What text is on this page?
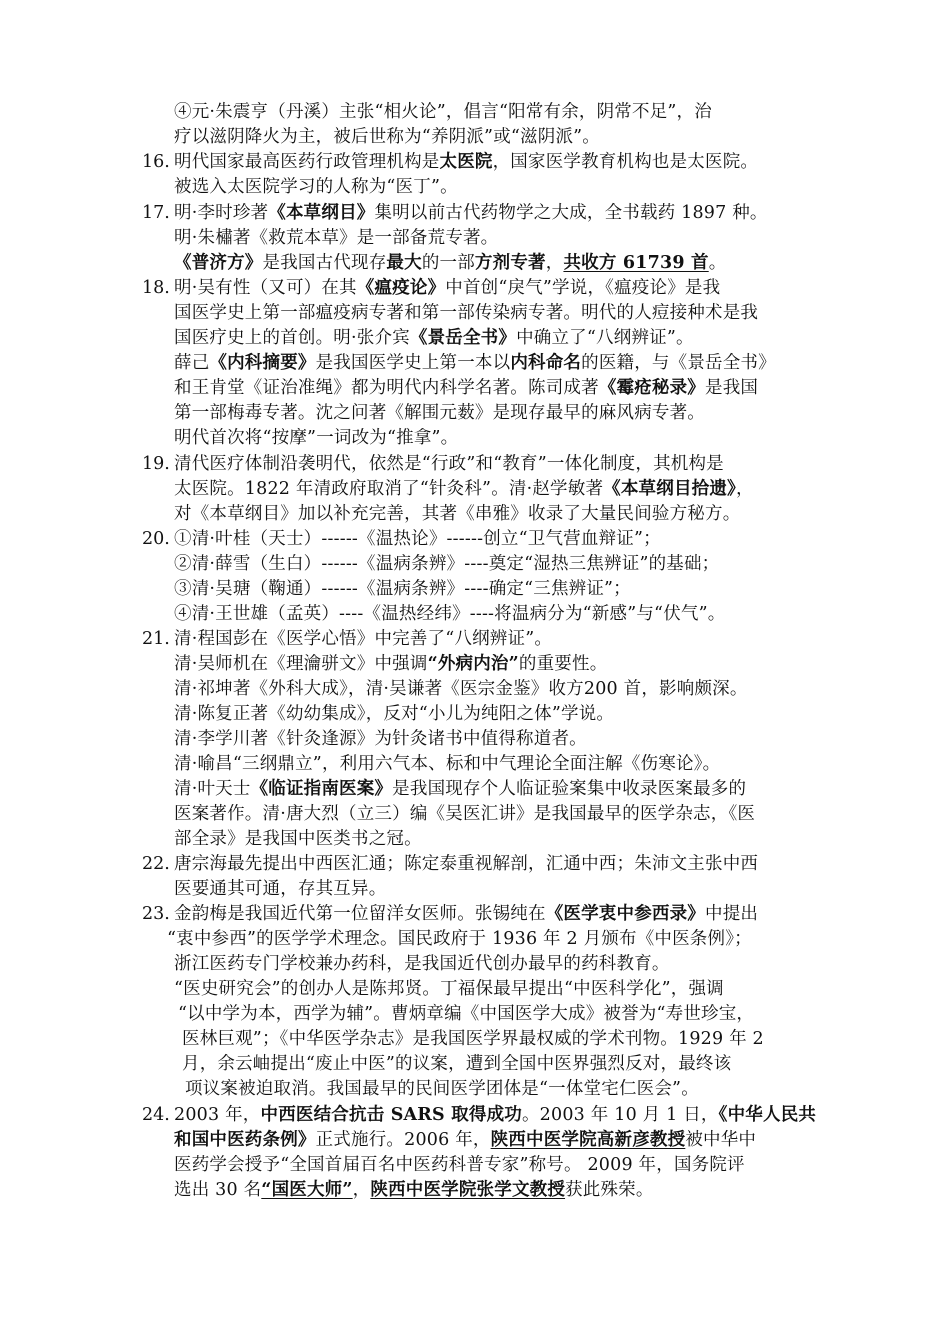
④元·朱震亨（丹溪）主张“相火论”，倡言“阳常有余，阴常不足”，治
疗以滋阴降火为主，被后世称为“养阴派”或“滋阴派”。
16. 明代国家最高医药行政管理机构是太医院，国家医学教育机构也是太医院。
被选入太医院学习的人称为“医丁”。
17. 明·李时珍著《本草纲目》集明以前古代药物学之大成，全书载药 1897 种。
明·朱橚著《救荒本草》是一部备荒专著。
《普济方》是我国古代现存最大的一部方剂专著，共收方 61739 首。
18. 明·吴有性（又可）在其《瘟疫论》中首创“戾气”学说，《瘟疫论》是我
国医学史上第一部瘟疫病专著和第一部传染病专著。明代的人痘接种术是我
国医疗史上的首创。明·张介宾《景岳全书》中确立了“八纲辨证”。
薛己《内科摘要》是我国医学史上第一本以内科命名的医籍，与《景岳全书》
和王肯堂《证治准绳》都为明代内科学名著。陈司成著《霉疮秘录》是我国
第一部梅毒专著。沈之问著《解围元薮》是现存最早的麻风病专著。
明代首次将“按摩”一词改为“推拿”。
19. 清代医疗体制沿袭明代，依然是“行政”和“教育”一体化制度，其机构是
太医院。1822 年清政府取消了“针灸科”。清·赵学敏著《本草纲目拾遗》，
对《本草纲目》加以补充完善，其著《串雅》收录了大量民间验方秘方。
20. ①清·叶桂（天士）------《温热论》------创立“卫气营血辩证”；
②清·薛雪（生白）------《温病条辨》----奠定“湿热三焦辨证”的基础；
③清·吴瑭（鞠通）------《温病条辨》----确定“三焦辨证”；
④清·王世雄（孟英）----《温热经纬》----将温病分为“新感”与“伏气”。
21. 清·程国彭在《医学心悟》中完善了“八纲辨证”。
清·吴师机在《理瀹骈文》中强调“外病内治”的重要性。
清·祁坤著《外科大成》，清·吴谦著《医宗金鉴》收方200 首，影响颇深。
清·陈复正著《幼幼集成》，反对“小儿为纯阳之体”学说。
清·李学川著《针灸逢源》为针灸诸书中值得称道者。
清·喻昌“三纲鼎立”，利用六气本、标和中气理论全面注解《伤寒论》。
清·叶天士《临证指南医案》是我国现存个人临证验案集中收录医案最多的
医案著作。清·唐大烈（立三）编《吴医汇讲》是我国最早的医学杂志，《医
部全录》是我国中医类书之冠。
22. 唐宗海最先提出中西医汇通；陈定泰重视解剖，汇通中西；朱沛文主张中西
医要通其可通，存其互异。
23. 金韵梅是我国近代第一位留洋女医师。张锡纯在《医学衷中参西录》中提出
“衷中参西”的医学学术理念。国民政府于 1936 年 2 月颁布《中医条例》；
浙江医药专门学校兼办药科，是我国近代创办最早的药科教育。
“医史研究会”的创办人是陈邦贤。丁福保最早提出“中医科学化”，强调
“以中学为本，西学为辅”。曹炳章编《中国医学大成》被誉为“寿世珍宝，
医林巨观”；《中华医学杂志》是我国医学界最权威的学术刊物。1929 年 2
月，余云岫提出“废止中医”的议案，遭到全国中医界强烈反对，最终该
项议案被迫取消。我国最早的民间医学团体是“一体堂宅仁医会”。
24. 2003 年，中西医结合抗击 SARS 取得成功。2003 年 10 月 1 日，《中华人民共
和国中医药条例》正式施行。2006 年，陕西中医学院高新彦教授被中华中
医药学会授予“全国首届百名中医药科普专家”称号。 2009 年，国务院评
选出 30 名“国医大师”，陕西中医学院张学文教授获此殊荣。
